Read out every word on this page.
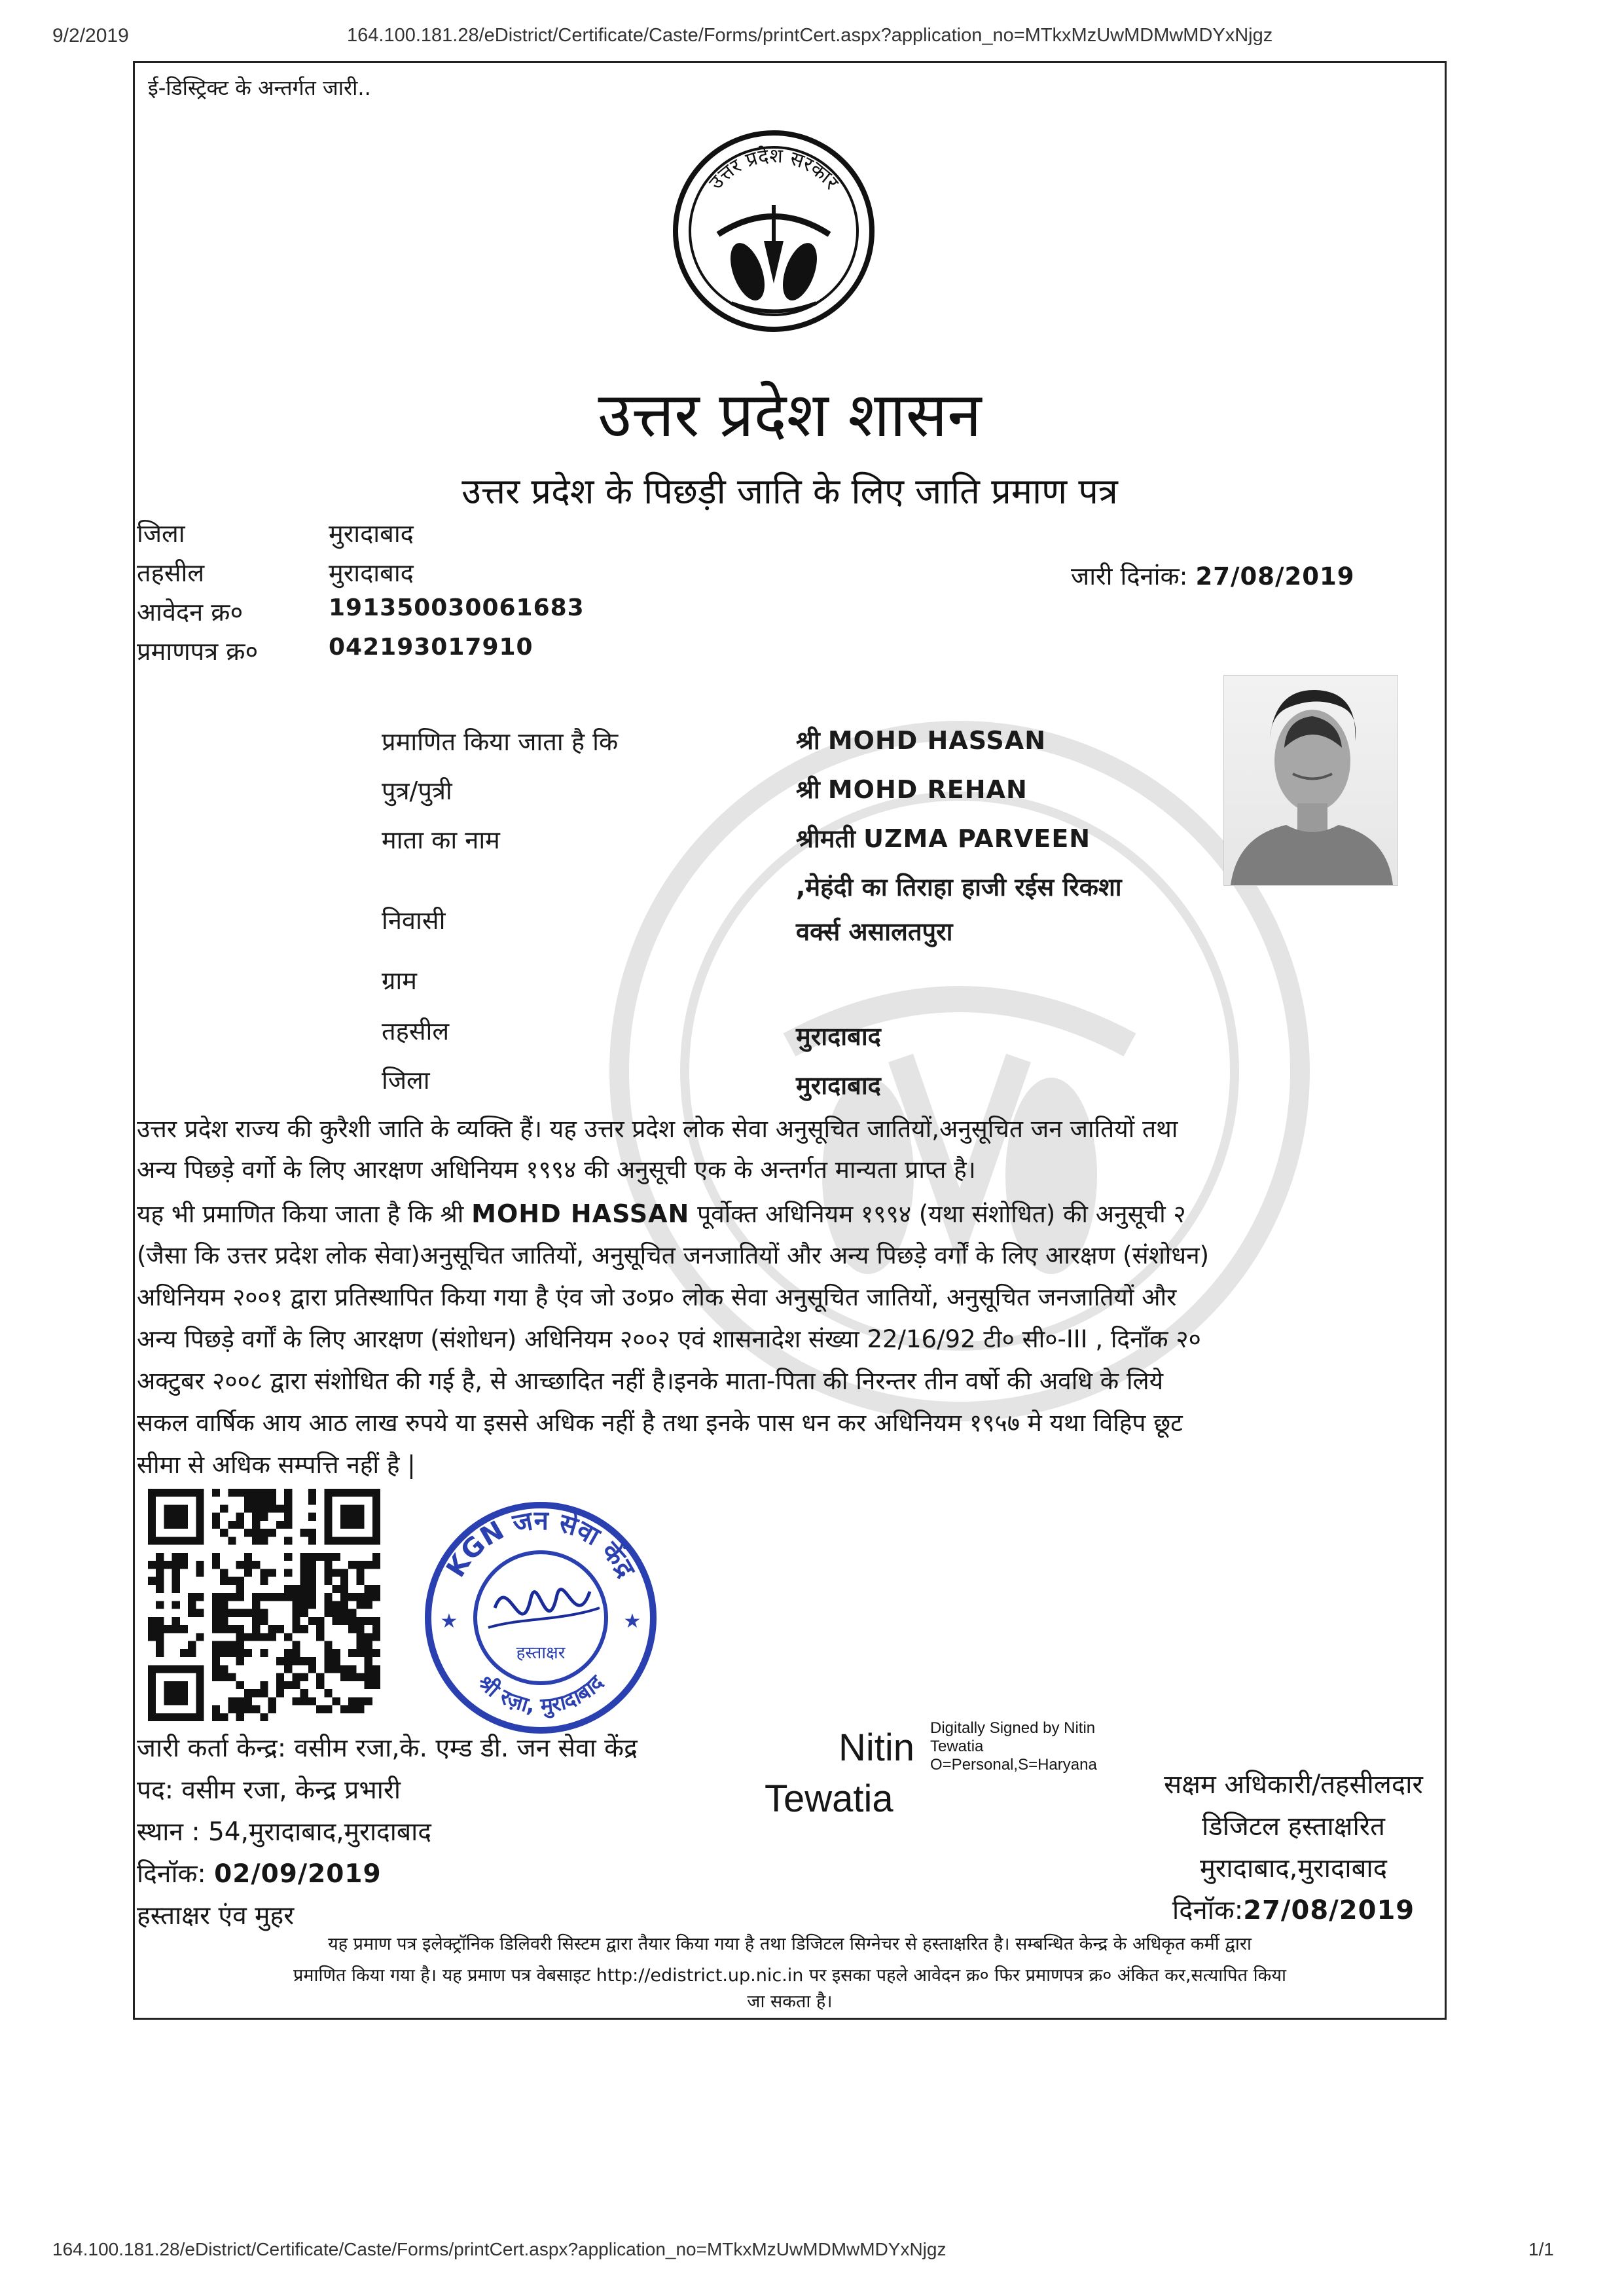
9/2/2019	164.100.181.28/eDistrict/Certificate/Caste/Forms/printCert.aspx?application_no=MTkxMzUwMDMwMDYxNjgz
ई-डिस्ट्रिक्ट के अन्तर्गत जारी..
उत्तर प्रदेश सरकार
उत्तर प्रदेश शासन
उत्तर प्रदेश के पिछड़ी जाति के लिए जाति प्रमाण पत्र
जिला	मुरादाबाद
तहसील	मुरादाबाद
आवेदन क्र०	191350030061683
प्रमाणपत्र क्र०	042193017910
जारी दिनांक: 27/08/2019
प्रमाणित किया जाता है कि	श्री MOHD HASSAN
पुत्र/पुत्री	श्री MOHD REHAN
माता का नाम	श्रीमती UZMA PARVEEN
निवासी
,मेहंदी का तिराहा हाजी रईस रिकशा
वर्क्स असालतपुरा
ग्राम
तहसील	मुरादाबाद
जिला	मुरादाबाद
उत्तर प्रदेश राज्य की कुरैशी जाति के व्यक्ति हैं। यह उत्तर प्रदेश लोक सेवा अनुसूचित जातियों,अनुसूचित जन जातियों तथा
अन्य पिछड़े वर्गो के लिए आरक्षण अधिनियम १९९४ की अनुसूची एक के अन्तर्गत मान्यता प्राप्त है।
यह भी प्रमाणित किया जाता है कि श्री MOHD HASSAN पूर्वोक्त अधिनियम १९९४ (यथा संशोधित) की अनुसूची २
(जैसा कि उत्तर प्रदेश लोक सेवा)अनुसूचित जातियों, अनुसूचित जनजातियों और अन्य पिछड़े वर्गों के लिए आरक्षण (संशोधन)
अधिनियम २००१ द्वारा प्रतिस्थापित किया गया है एंव जो उ०प्र० लोक सेवा अनुसूचित जातियों, अनुसूचित जनजातियों और
अन्य पिछड़े वर्गों के लिए आरक्षण (संशोधन) अधिनियम २००२ एवं शासनादेश संख्या 22/16/92 टी० सी०-III , दिनाँक २०
अक्टुबर २००८ द्वारा संशोधित की गई है, से आच्छादित नहीं है।इनके माता-पिता की निरन्तर तीन वर्षो की अवधि के लिये
सकल वार्षिक आय आठ लाख रुपये या इससे अधिक नहीं है तथा इनके पास धन कर अधिनियम १९५७ मे यथा विहिप छूट
सीमा से अधिक सम्पत्ति नहीं है |
KGN जन सेवा केंद्र
श्री रज़ा, मुरादाबाद
हस्ताक्षर
★	★
जारी कर्ता केन्द्र: वसीम रजा,के. एम्ड डी. जन सेवा केंद्र
पद: वसीम रजा, केन्द्र प्रभारी
स्थान : 54,मुरादाबाद,मुरादाबाद
दिनॉक: 02/09/2019
हस्ताक्षर एंव मुहर
Nitin
Tewatia
Digitally Signed by Nitin
Tewatia
O=Personal,S=Haryana
सक्षम अधिकारी/तहसीलदार
डिजिटल हस्ताक्षरित
मुरादाबाद,मुरादाबाद
दिनॉक:27/08/2019
यह प्रमाण पत्र इलेक्ट्रॉनिक डिलिवरी सिस्टम द्वारा तैयार किया गया है तथा डिजिटल सिग्नेचर से हस्ताक्षरित है। सम्बन्धित केन्द्र के अधिकृत कर्मी द्वारा
प्रमाणित किया गया है। यह प्रमाण पत्र वेबसाइट http://edistrict.up.nic.in पर इसका पहले आवेदन क्र० फिर प्रमाणपत्र क्र० अंकित कर,सत्यापित किया
जा सकता है।
164.100.181.28/eDistrict/Certificate/Caste/Forms/printCert.aspx?application_no=MTkxMzUwMDMwMDYxNjgz	1/1
